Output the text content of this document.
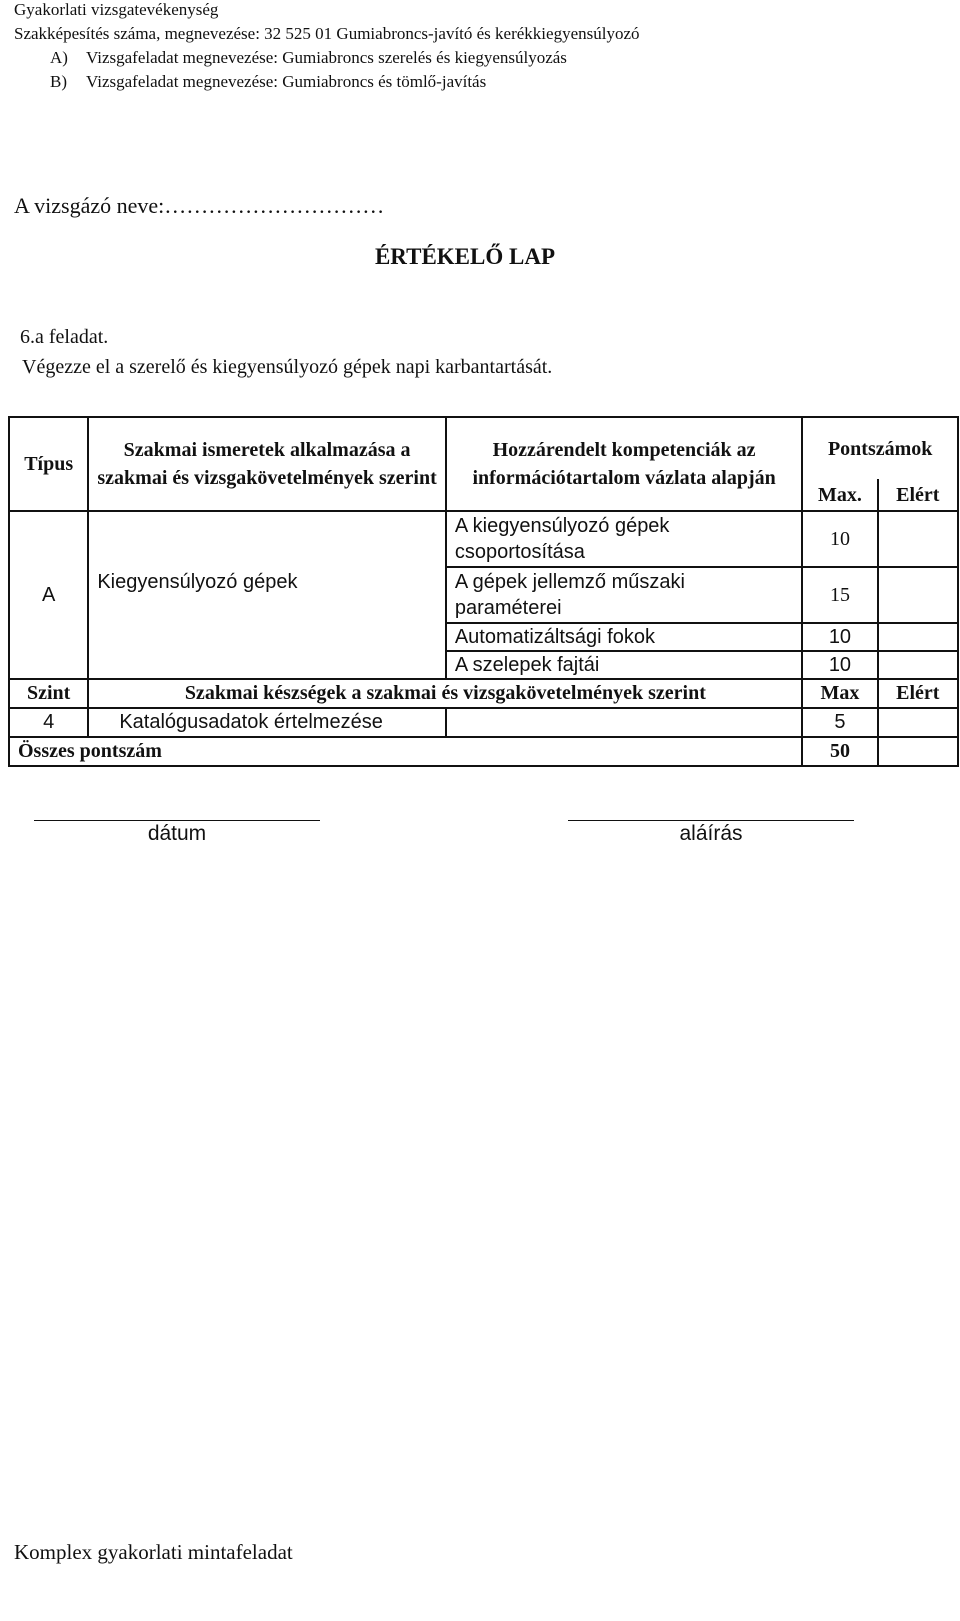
Gyakorlati vizsgatevékenység
Szakképesítés száma, megnevezése: 32 525 01 Gumiabroncs-javító és kerékkiegyensúlyozó
A) Vizsgafeladat megnevezése: Gumiabroncs szerelés és kiegyensúlyozás
B) Vizsgafeladat megnevezése: Gumiabroncs és tömlő-javítás
A vizsgázó neve:…………………………
ÉRTÉKELŐ LAP
6.a feladat.
Végezze el a szerelő és kiegyensúlyozó gépek napi karbantartását.
Típus	Szakmai ismeretek alkalmazása a szakmai és vizsgakövetelmények szerint	Hozzárendelt kompetenciák az információtartalom vázlata alapján	Pontszámok	
			Max.	Elért
A	Kiegyensúlyozó gépek	A kiegyensúlyozó gépek csoportosítása	10	
		A gépek jellemző műszaki paraméterei	15	
		Automatizáltsági fokok	10	
		A szelepek fajtái	10	
Szint	Szakmai készségek a szakmai és vizsgakövetelmények szerint		Max	Elért
4	Katalógusadatok értelmezése		5	
Összes pontszám			50	
dátum	aláírás
Komplex gyakorlati mintafeladat
